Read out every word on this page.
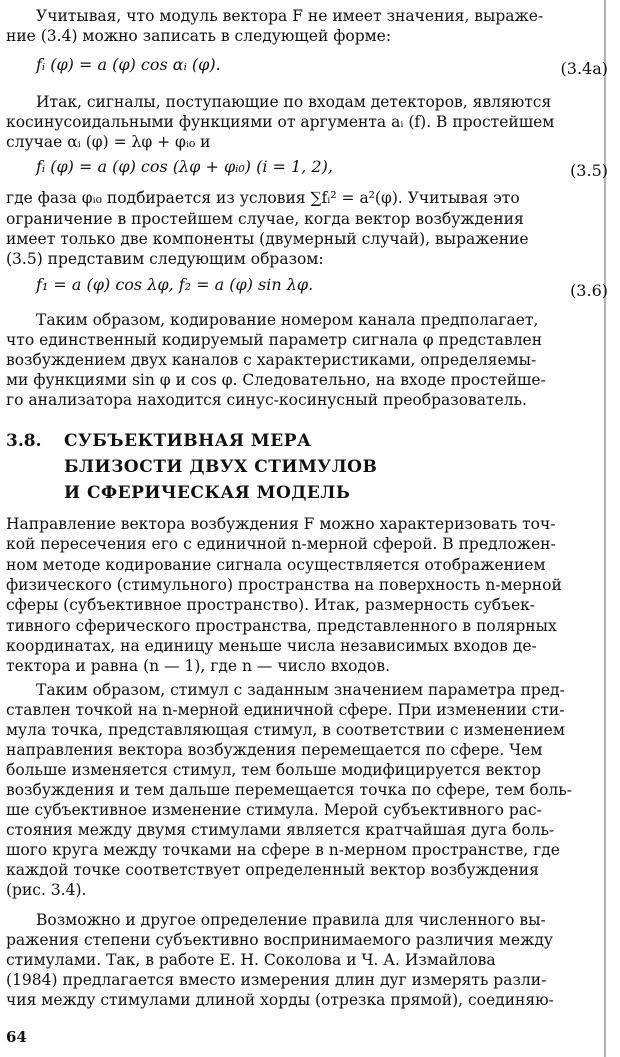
Учитывая, что модуль вектора F не имеет значения, выраже-
ние (3.4) можно записать в следующей форме:
fᵢ (φ) = a (φ) cos αᵢ (φ).	(3.4а)
Итак, сигналы, поступающие по входам детекторов, являются
косинусоидальными функциями от аргумента aᵢ (f). В простейшем
случае αᵢ (φ) = λφ + φᵢ₀ и
fᵢ (φ) = a (φ) cos (λφ + φᵢ₀) (i = 1, 2),	(3.5)
где фаза φᵢ₀ подбирается из условия ∑fᵢ² = a²(φ). Учитывая это
ограничение в простейшем случае, когда вектор возбуждения
имеет только две компоненты (двумерный случай), выражение
(3.5) представим следующим образом:
f₁ = a (φ) cos λφ, f₂ = a (φ) sin λφ.	(3.6)
Таким образом, кодирование номером канала предполагает,
что единственный кодируемый параметр сигнала φ представлен
возбуждением двух каналов с характеристиками, определяемы-
ми функциями sin φ и cos φ. Следовательно, на входе простейше-
го анализатора находится синус-косинусный преобразователь.
3.8. СУБЪЕКТИВНАЯ МЕРА
БЛИЗОСТИ ДВУХ СТИМУЛОВ
И СФЕРИЧЕСКАЯ МОДЕЛЬ
Направление вектора возбуждения F можно характеризовать точ-
кой пересечения его с единичной n-мерной сферой. В предложен-
ном методе кодирование сигнала осуществляется отображением
физического (стимульного) пространства на поверхность n-мерной
сферы (субъективное пространство). Итак, размерность субъек-
тивного сферического пространства, представленного в полярных
координатах, на единицу меньше числа независимых входов де-
тектора и равна (n — 1), где n — число входов.
Таким образом, стимул с заданным значением параметра пред-
ставлен точкой на n-мерной единичной сфере. При изменении сти-
мула точка, представляющая стимул, в соответствии с изменением
направления вектора возбуждения перемещается по сфере. Чем
больше изменяется стимул, тем больше модифицируется вектор
возбуждения и тем дальше перемещается точка по сфере, тем боль-
ше субъективное изменение стимула. Мерой субъективного рас-
стояния между двумя стимулами является кратчайшая дуга боль-
шого круга между точками на сфере в n-мерном пространстве, где
каждой точке соответствует определенный вектор возбуждения
(рис. 3.4).
Возможно и другое определение правила для численного вы-
ражения степени субъективно воспринимаемого различия между
стимулами. Так, в работе Е. Н. Соколова и Ч. А. Измайлова
(1984) предлагается вместо измерения длин дуг измерять разли-
чия между стимулами длиной хорды (отрезка прямой), соединяю-
64
